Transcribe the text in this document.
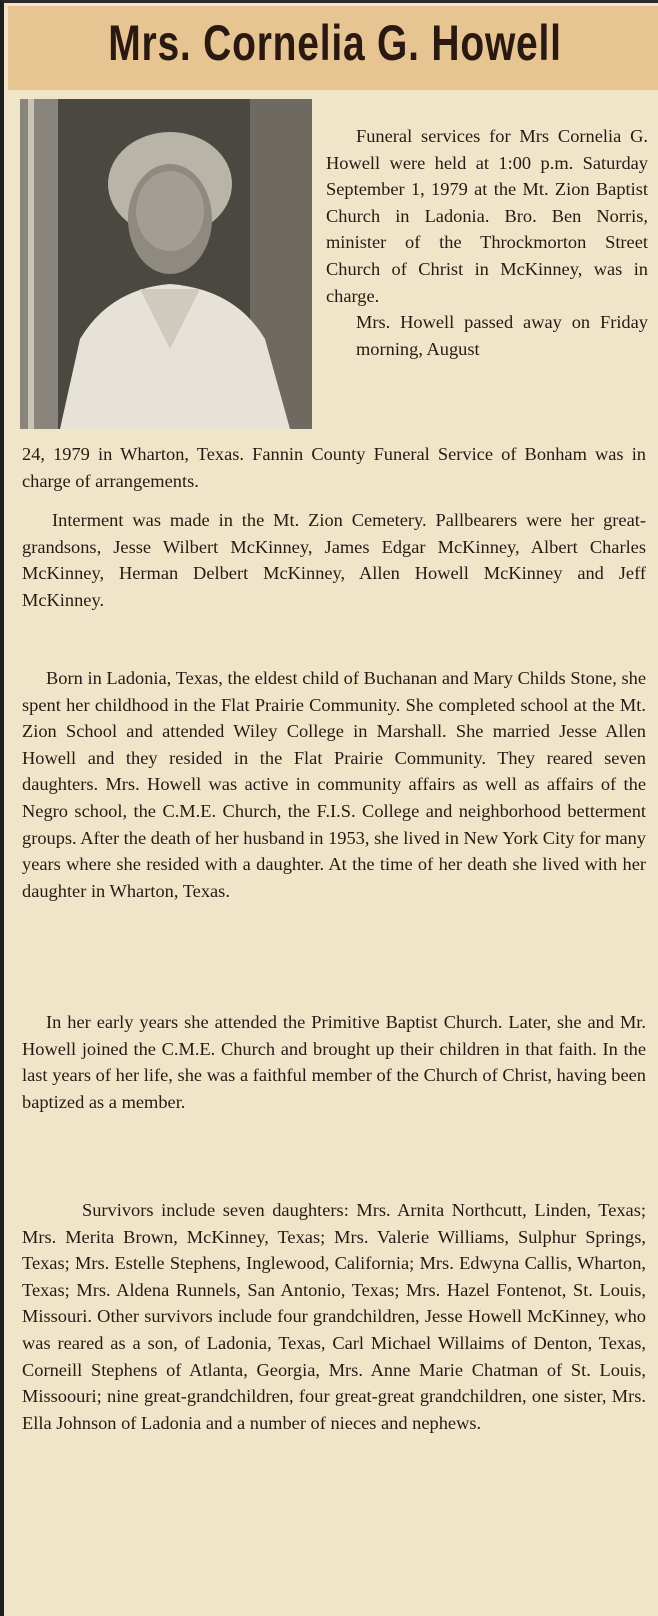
Mrs. Cornelia G. Howell

Funeral services for Mrs Cornelia G. Howell were held at 1:00 p.m. Saturday September 1, 1979 at the Mt. Zion Baptist Church in Ladonia. Bro. Ben Norris, minister of the Throckmorton Street Church of Christ in McKinney, was in charge.
Mrs. Howell passed away on Friday morning, August

24, 1979 in Wharton, Texas. Fannin County Funeral Service of Bonham was in charge of arrangements.

Interment was made in the Mt. Zion Cemetery. Pallbearers were her great-grandsons, Jesse Wilbert McKinney, James Edgar McKinney, Albert Charles McKinney, Herman Delbert McKinney, Allen Howell McKinney and Jeff McKinney.

Born in Ladonia, Texas, the eldest child of Buchanan and Mary Childs Stone, she spent her childhood in the Flat Prairie Community. She completed school at the Mt. Zion School and attended Wiley College in Marshall. She married Jesse Allen Howell and they resided in the Flat Prairie Community. They reared seven daughters. Mrs. Howell was active in community affairs as well as affairs of the Negro school, the C.M.E. Church, the F.I.S. College and neighborhood betterment groups. After the death of her husband in 1953, she lived in New York City for many years where she resided with a daughter. At the time of her death she lived with her daughter in Wharton, Texas.

In her early years she attended the Primitive Baptist Church. Later, she and Mr. Howell joined the C.M.E. Church and brought up their children in that faith. In the last years of her life, she was a faithful member of the Church of Christ, having been baptized as a member.

Survivors include seven daughters: Mrs. Arnita Northcutt, Linden, Texas; Mrs. Merita Brown, McKinney, Texas; Mrs. Valerie Williams, Sulphur Springs, Texas; Mrs. Estelle Stephens, Inglewood, California; Mrs. Edwyna Callis, Wharton, Texas; Mrs. Aldena Runnels, San Antonio, Texas; Mrs. Hazel Fontenot, St. Louis, Missouri. Other survivors include four grandchildren, Jesse Howell McKinney, who was reared as a son, of Ladonia, Texas, Carl Michael Willaims of Denton, Texas, Corneill Stephens of Atlanta, Georgia, Mrs. Anne Marie Chatman of St. Louis, Missoouri; nine great-grandchildren, four great-great grandchildren, one sister, Mrs. Ella Johnson of Ladonia and a number of nieces and nephews.
